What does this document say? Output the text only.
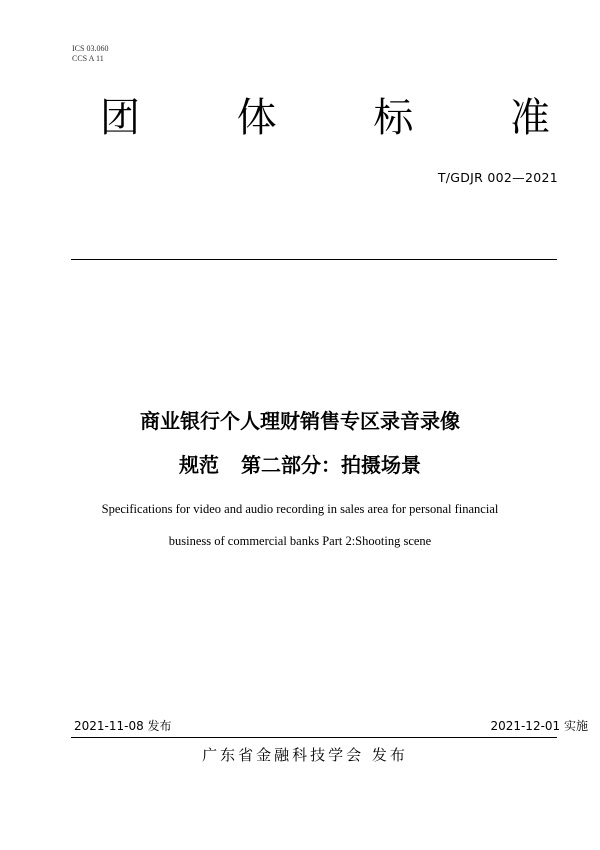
ICS 03.060
CCS A 11
团 体 标 准
T/GDJR 002—2021
商业银行个人理财销售专区录音录像
规范 第二部分：拍摄场景
Specifications for video and audio recording in sales area for personal financial
business of commercial banks Part 2:Shooting scene
2021-11-08 发布	2021-12-01 实施
广东省金融科技学会 发布
